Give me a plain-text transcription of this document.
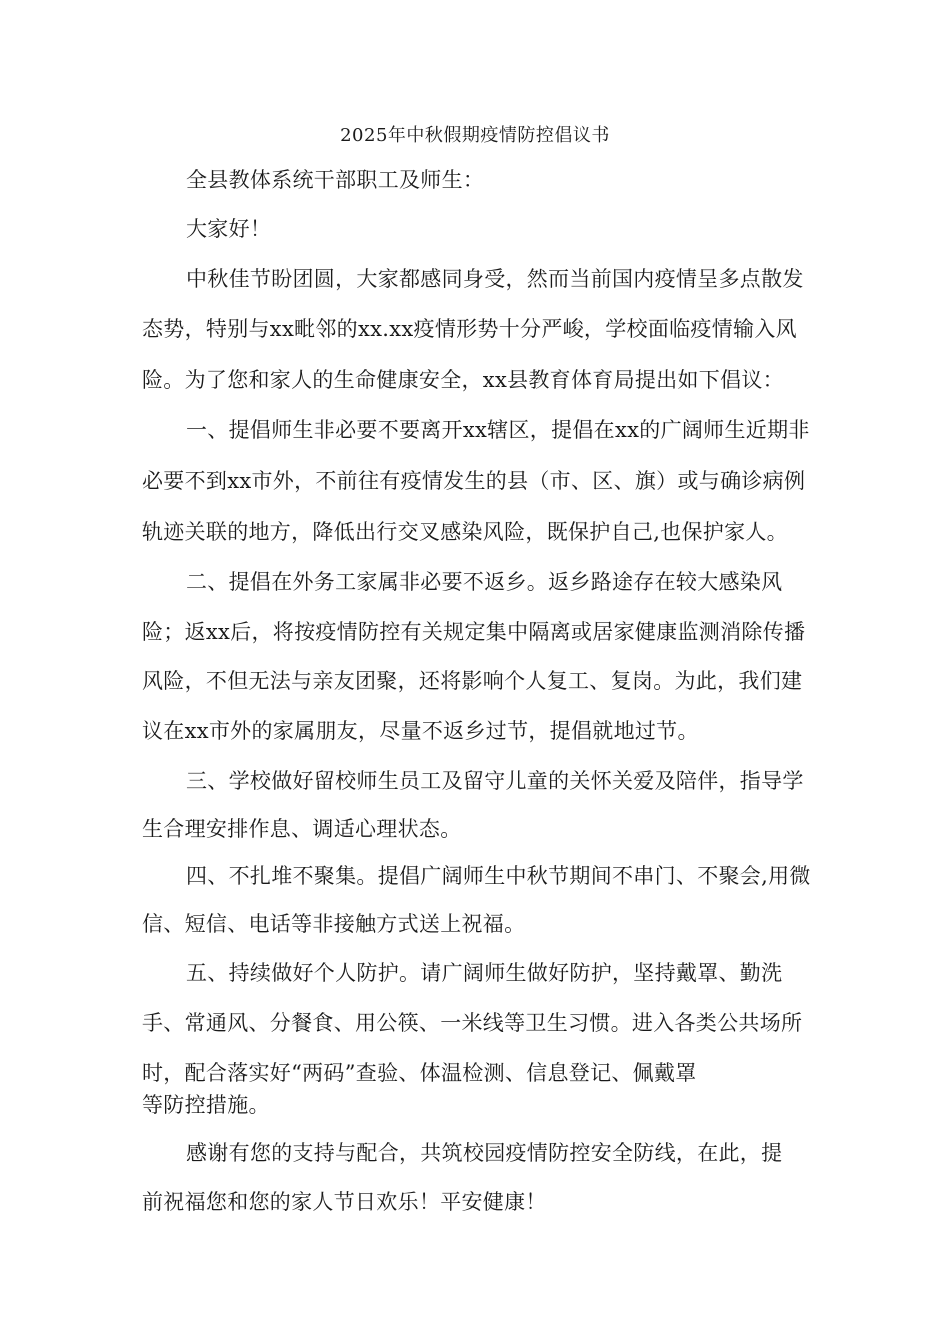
2025年中秋假期疫情防控倡议书
全县教体系统干部职工及师生：
大家好！
中秋佳节盼团圆，大家都感同身受，然而当前国内疫情呈多点散发
态势，特别与xx毗邻的xx.xx疫情形势十分严峻，学校面临疫情输入风
险。为了您和家人的生命健康安全，xx县教育体育局提出如下倡议：
一、提倡师生非必要不要离开xx辖区，提倡在xx的广阔师生近期非
必要不到xx市外，不前往有疫情发生的县（市、区、旗）或与确诊病例
轨迹关联的地方，降低出行交叉感染风险，既保护自己,也保护家人。
二、提倡在外务工家属非必要不返乡。返乡路途存在较大感染风
险；返xx后，将按疫情防控有关规定集中隔离或居家健康监测消除传播
风险，不但无法与亲友团聚，还将影响个人复工、复岗。为此，我们建
议在xx市外的家属朋友，尽量不返乡过节，提倡就地过节。
三、学校做好留校师生员工及留守儿童的关怀关爱及陪伴，指导学
生合理安排作息、调适心理状态。
四、不扎堆不聚集。提倡广阔师生中秋节期间不串门、不聚会,用微
信、短信、电话等非接触方式送上祝福。
五、持续做好个人防护。请广阔师生做好防护，坚持戴罩、勤洗
手、常通风、分餐食、用公筷、一米线等卫生习惯。进入各类公共场所
时，配合落实好“两码”查验、体温检测、信息登记、佩戴罩
等防控措施。
感谢有您的支持与配合，共筑校园疫情防控安全防线，在此，提
前祝福您和您的家人节日欢乐！平安健康！
